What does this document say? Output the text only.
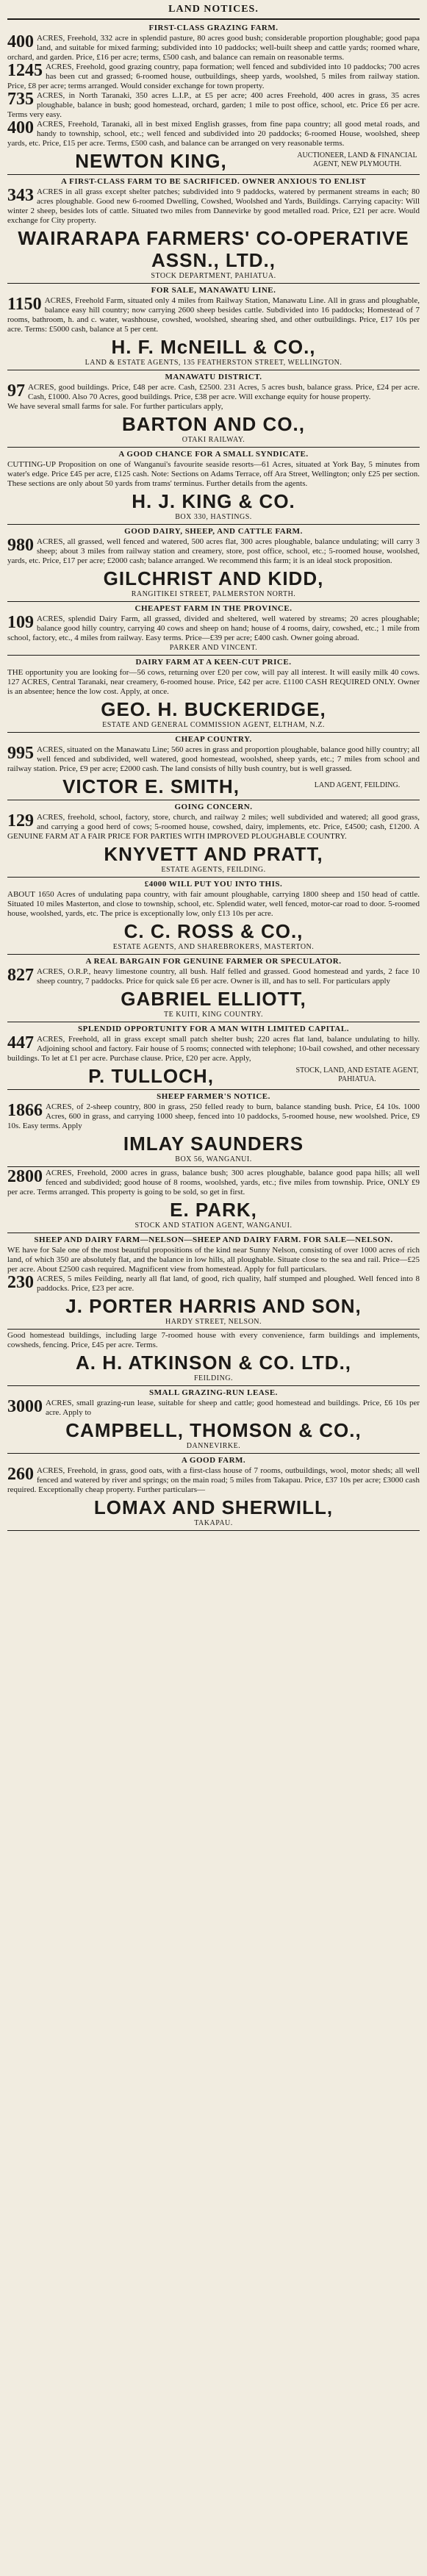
LAND NOTICES.
FIRST-CLASS GRAZING FARM.

400 ACRES, Freehold, 332 acre in splendid pasture, 80 acres good bush; considerable proportion ploughable; good papa land, and suitable for mixed farming; subdivided into 10 paddocks; well-built sheep and cattle yards; roomed whare, orchard, and garden. Price, £16 per acre; terms, £500 cash, and balance can remain on reasonable terms.

1245 ACRES, Freehold, good grazing country, papa formation; well fenced and subdivided into 10 paddocks; 700 acres has been cut and grassed; 6-roomed house, outbuildings, sheep yards, woolshed, 5 miles from railway station. Price, £8 per acre; terms arranged. Would consider exchange for town property.

735 ACRES, in North Taranaki, 350 acres L.I.P., at £5 per acre; 400 acres Freehold, 400 acres in grass, 35 acres ploughable, balance in bush; good homestead, orchard, garden; 1 mile to post office, school, etc. Price £6 per acre. Terms very easy.

400 ACRES, Freehold, Taranaki, all in best mixed English grasses, from fine papa country; all good metal roads, and handy to township, school, etc.; well fenced and subdivided into 20 paddocks; 6-roomed House, woolshed, sheep yards, etc. Price, £15 per acre. Terms, £500 cash, and balance can be arranged on very reasonable terms.

NEWTON KING,	AUCTIONEER, LAND & FINANCIAL AGENT, NEW PLYMOUTH.
A FIRST-CLASS FARM TO BE SACRIFICED. OWNER ANXIOUS TO ENLIST

343 ACRES in all grass except shelter patches; subdivided into 9 paddocks, watered by permanent streams in each; 80 acres ploughable. Good new 6-roomed Dwelling, Cowshed, Woolshed and Yards, Buildings. Carrying capacity: Will winter 2 sheep, besides lots of cattle. Situated two miles from Dannevirke by good metalled road. Price, £21 per acre. Would exchange for City property.

WAIRARAPA FARMERS' CO-OPERATIVE ASSN., LTD.,
STOCK DEPARTMENT, PAHIATUA.
FOR SALE, MANAWATU LINE.

1150 ACRES, Freehold Farm, situated only 4 miles from Railway Station, Manawatu Line. All in grass and ploughable, balance easy hill country; now carrying 2600 sheep besides cattle. Subdivided into 16 paddocks; Homestead of 7 rooms, bathroom, h. and c. water, washhouse, cowshed, woolshed, shearing shed, and other outbuildings. Price, £17 10s per acre. Terms: £5000 cash, balance at 5 per cent.

H. F. McNEILL & CO.,
LAND & ESTATE AGENTS, 135 FEATHERSTON STREET, WELLINGTON.
MANAWATU DISTRICT.

97 ACRES, good buildings. Price, £48 per acre. Cash, £2500. 231 Acres, 5 acres bush, balance grass. Price, £24 per acre. Cash, £1000. Also 70 Acres, good buildings. Price, £38 per acre. Will exchange equity for house property.

We have several small farms for sale. For further particulars apply,

BARTON AND CO.,
OTAKI RAILWAY.
A GOOD CHANCE FOR A SMALL SYNDICATE.

CUTTING-UP Proposition on one of Wanganui's favourite seaside resorts—61 Acres, situated at York Bay, 5 minutes from water's edge. Price £45 per acre, £125 cash. Note: Sections on Adams Terrace, off Ara Street, Wellington; only £25 per section. These sections are only about 50 yards from trams' terminus. Further details from the agents.

H. J. KING & CO.
BOX 330, HASTINGS.
GOOD DAIRY, SHEEP, AND CATTLE FARM.

980 ACRES, all grassed, well fenced and watered, 500 acres flat, 300 acres ploughable, balance undulating; will carry 3 sheep; about 3 miles from railway station and creamery, store, post office, school, etc.; 5-roomed house, woolshed, yards, etc. Price, £17 per acre; £2000 cash; balance arranged. We recommend this farm; it is an ideal stock proposition.

GILCHRIST AND KIDD,
RANGITIKEI STREET, PALMERSTON NORTH.
CHEAPEST FARM IN THE PROVINCE.

109 ACRES, splendid Dairy Farm, all grassed, divided and sheltered, well watered by streams; 20 acres ploughable; balance good hilly country, carrying 40 cows and sheep on hand; house of 4 rooms, dairy, cowshed, etc.; 1 mile from school, factory, etc., 4 miles from railway. Easy terms. Price—£39 per acre; £400 cash. Owner going abroad.

PARKER AND VINCENT.
DAIRY FARM AT A KEEN-CUT PRICE.

THE opportunity you are looking for—56 cows, returning over £20 per cow, will pay all interest. It will easily milk 40 cows. 127 ACRES, Central Taranaki, near creamery, 6-roomed house. Price, £42 per acre. £1100 CASH REQUIRED ONLY. Owner is an absentee; hence the low cost. Apply, at once.

GEO. H. BUCKERIDGE,
ESTATE AND GENERAL COMMISSION AGENT, ELTHAM, N.Z.
CHEAP COUNTRY.

995 ACRES, situated on the Manawatu Line; 560 acres in grass and proportion ploughable, balance good hilly country; all well fenced and subdivided, well watered, good homestead, woolshed, sheep yards, etc.; 7 miles from school and railway station. Price, £9 per acre; £2000 cash. The land consists of hilly bush country, but is well grassed.

VICTOR E. SMITH,	LAND AGENT, FEILDING.
GOING CONCERN.

129 ACRES, freehold, school, factory, store, church, and railway 2 miles; well subdivided and watered; all good grass, and carrying a good herd of cows; 5-roomed house, cowshed, dairy, implements, etc. Price, £4500; cash, £1200. A GENUINE FARM AT A FAIR PRICE FOR PARTIES WITH IMPROVED PLOUGHABLE COUNTRY.

KNYVETT AND PRATT,
ESTATE AGENTS, FEILDING.
£4000 WILL PUT YOU INTO THIS.

ABOUT 1650 Acres of undulating papa country, with fair amount ploughable, carrying 1800 sheep and 150 head of cattle. Situated 10 miles Masterton, and close to township, school, etc. Splendid water, well fenced, motor-car road to door. 5-roomed house, woolshed, yards, etc. The price is exceptionally low, only £13 10s per acre.

C. C. ROSS & CO.,
ESTATE AGENTS, AND SHAREBROKERS, MASTERTON.
A REAL BARGAIN FOR GENUINE FARMER OR SPECULATOR.

827 ACRES, O.R.P., heavy limestone country, all bush. Half felled and grassed. Good homestead and yards, 2 face 10 sheep country, 7 paddocks. Price for quick sale £6 per acre. Owner is ill, and has to sell. For particulars apply

GABRIEL ELLIOTT,
TE KUITI, KING COUNTRY.
SPLENDID OPPORTUNITY FOR A MAN WITH LIMITED CAPITAL.

447 ACRES, Freehold, all in grass except small patch shelter bush; 220 acres flat land, balance undulating to hilly. Adjoining school and factory. Fair house of 5 rooms; connected with telephone; 10-bail cowshed, and other necessary buildings. To let at £1 per acre. Purchase clause. Price, £20 per acre. Apply,

P. TULLOCH,	STOCK, LAND, AND ESTATE AGENT, PAHIATUA.
SHEEP FARMER'S NOTICE.

1866 ACRES, of 2-sheep country, 800 in grass, 250 felled ready to burn, balance standing bush. Price, £4 10s. 1000 Acres, 600 in grass, and carrying 1000 sheep, fenced into 10 paddocks, 5-roomed house, new woolshed. Price, £9 10s. Easy terms. Apply

IMLAY SAUNDERS
BOX 56, WANGANUI.

2800 ACRES, Freehold, 2000 acres in grass, balance bush; 300 acres ploughable, balance good papa hills; all well fenced and subdivided; good house of 8 rooms, woolshed, yards, etc.; five miles from township. Price, ONLY £9 per acre. Terms arranged. This property is going to be sold, so get in first.

E. PARK,
STOCK AND STATION AGENT, WANGANUI.
SHEEP AND DAIRY FARM—NELSON—SHEEP AND DAIRY FARM. FOR SALE—NELSON.

WE have for Sale one of the most beautiful propositions of the kind near Sunny Nelson, consisting of over 1000 acres of rich land, of which 350 are absolutely flat, and the balance in low hills, all ploughable. Situate close to the sea and rail. Price—£25 per acre. About £2500 cash required. Magnificent view from homestead. Apply for full particulars.

230 ACRES, 5 miles Feilding, nearly all flat land, of good, rich quality, half stumped and ploughed. Well fenced into 8 paddocks. Price, £23 per acre.

J. PORTER HARRIS AND SON,
HARDY STREET, NELSON.

Good homestead buildings, including large 7-roomed house with every convenience, farm buildings and implements, cowsheds, fencing. Price, £45 per acre. Terms.

A. H. ATKINSON & CO. LTD.,
FEILDING.
SMALL GRAZING-RUN LEASE.

3000 ACRES, small grazing-run lease, suitable for sheep and cattle; good homestead and buildings. Price, £6 10s per acre. Apply to

CAMPBELL, THOMSON & CO.,
DANNEVIRKE.
A GOOD FARM.

260 ACRES, Freehold, in grass, good oats, with a first-class house of 7 rooms, outbuildings, wool, motor sheds; all well fenced and watered by river and springs; on the main road; 5 miles from Takapau. Price, £37 10s per acre; £3000 cash required. Exceptionally cheap property. Further particulars—

LOMAX AND SHERWILL,
TAKAPAU.
